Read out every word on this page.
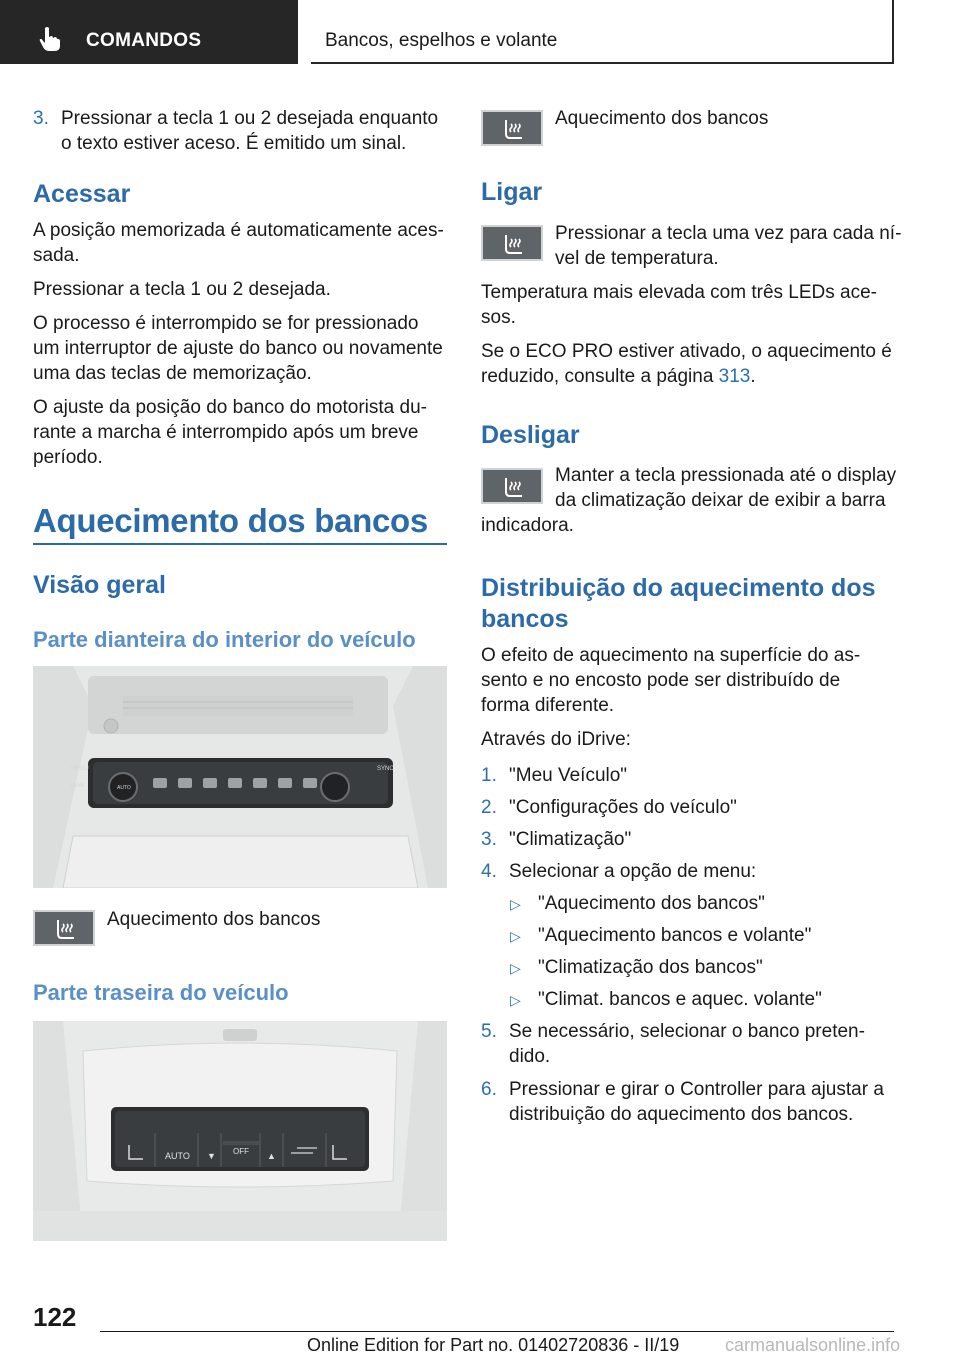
COMANDOS	Bancos, espelhos e volante
3. Pressionar a tecla 1 ou 2 desejada enquanto
o texto estiver aceso. É emitido um sinal.
Acessar
A posição memorizada é automaticamente aces‐
sada.
Pressionar a tecla 1 ou 2 desejada.
O processo é interrompido se for pressionado
um interruptor de ajuste do banco ou novamente
uma das teclas de memorização.
O ajuste da posição do banco do motorista du‐
rante a marcha é interrompido após um breve
período.
Aquecimento dos bancos
Visão geral
Parte dianteira do interior do veículo
MENU	SYNC
MAX	AUTO
Aquecimento dos bancos
Parte traseira do veículo
AUTO ▼ OFF ▲
Aquecimento dos bancos
Ligar
Pressionar a tecla uma vez para cada ní‐
vel de temperatura.
Temperatura mais elevada com três LEDs ace‐
sos.
Se o ECO PRO estiver ativado, o aquecimento é
reduzido, consulte a página 313.
Desligar
Manter a tecla pressionada até o display
da climatização deixar de exibir a barra
indicadora.
Distribuição do aquecimento dos
bancos
O efeito de aquecimento na superfície do as‐
sento e no encosto pode ser distribuído de
forma diferente.
Através do iDrive:
1. "Meu Veículo"
2. "Configurações do veículo"
3. "Climatização"
4. Selecionar a opção de menu:
▷ "Aquecimento dos bancos"
▷ "Aquecimento bancos e volante"
▷ "Climatização dos bancos"
▷ "Climat. bancos e aquec. volante"
5. Se necessário, selecionar o banco preten‐
dido.
6. Pressionar e girar o Controller para ajustar a
distribuição do aquecimento dos bancos.
122
Online Edition for Part no. 01402720836 - II/19	carmanualsonline.info
